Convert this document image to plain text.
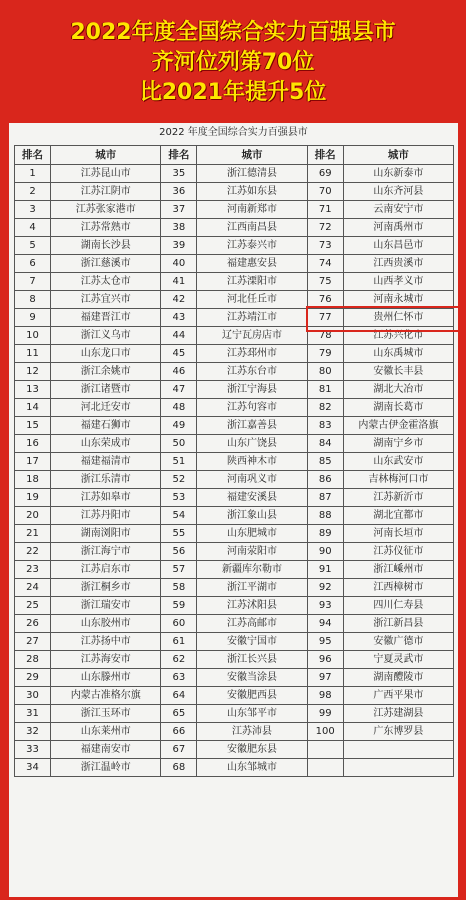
2022年度全国综合实力百强县市
齐河位列第70位
比2021年提升5位
2022 年度全国综合实力百强县市
排名	城市	排名	城市	排名	城市
1	江苏昆山市	35	浙江德清县	69	山东新泰市
2	江苏江阴市	36	江苏如东县	70	山东齐河县
3	江苏张家港市	37	河南新郑市	71	云南安宁市
4	江苏常熟市	38	江西南昌县	72	河南禹州市
5	湖南长沙县	39	江苏泰兴市	73	山东昌邑市
6	浙江慈溪市	40	福建惠安县	74	江西贵溪市
7	江苏太仓市	41	江苏溧阳市	75	山西孝义市
8	江苏宜兴市	42	河北任丘市	76	河南永城市
9	福建晋江市	43	江苏靖江市	77	贵州仁怀市
10	浙江义乌市	44	辽宁瓦房店市	78	江苏兴化市
11	山东龙口市	45	江苏邳州市	79	山东禹城市
12	浙江余姚市	46	江苏东台市	80	安徽长丰县
13	浙江诸暨市	47	浙江宁海县	81	湖北大冶市
14	河北迁安市	48	江苏句容市	82	湖南长葛市
15	福建石狮市	49	浙江嘉善县	83	内蒙古伊金霍洛旗
16	山东荣成市	50	山东广饶县	84	湖南宁乡市
17	福建福清市	51	陕西神木市	85	山东武安市
18	浙江乐清市	52	河南巩义市	86	吉林梅河口市
19	江苏如皋市	53	福建安溪县	87	江苏新沂市
20	江苏丹阳市	54	浙江象山县	88	湖北宜都市
21	湖南浏阳市	55	山东肥城市	89	河南长垣市
22	浙江海宁市	56	河南荥阳市	90	江苏仪征市
23	江苏启东市	57	新疆库尔勒市	91	浙江嵊州市
24	浙江桐乡市	58	浙江平湖市	92	江西樟树市
25	浙江瑞安市	59	江苏沭阳县	93	四川仁寿县
26	山东胶州市	60	江苏高邮市	94	浙江新昌县
27	江苏扬中市	61	安徽宁国市	95	安徽广德市
28	江苏海安市	62	浙江长兴县	96	宁夏灵武市
29	山东滕州市	63	安徽当涂县	97	湖南醴陵市
30	内蒙古准格尔旗	64	安徽肥西县	98	广西平果市
31	浙江玉环市	65	山东邹平市	99	江苏建湖县
32	山东莱州市	66	江苏沛县	100	广东博罗县
33	福建南安市	67	安徽肥东县		
34	浙江温岭市	68	山东邹城市		
